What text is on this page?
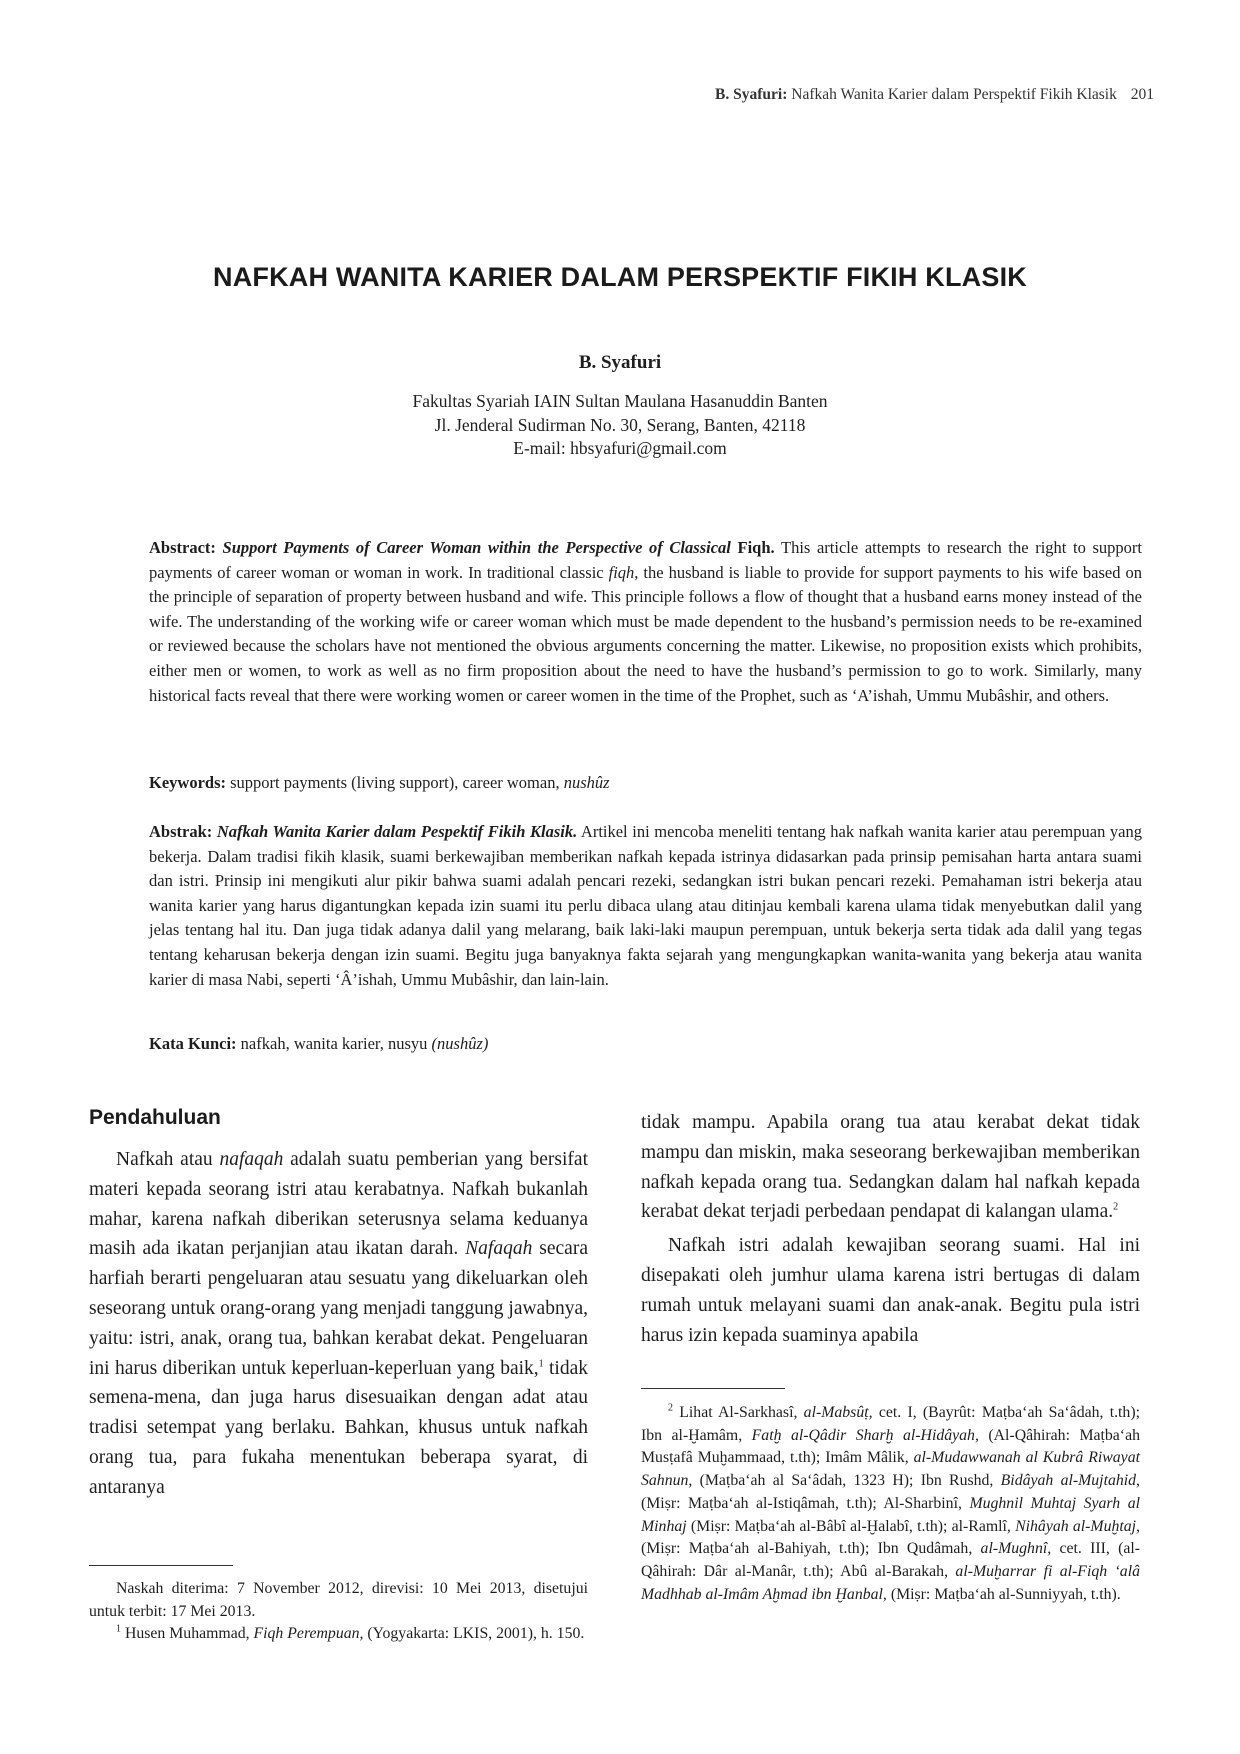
B. Syafuri: Nafkah Wanita Karier dalam Perspektif Fikih Klasik 201
NAFKAH WANITA KARIER DALAM PERSPEKTIF FIKIH KLASIK
B. Syafuri
Fakultas Syariah IAIN Sultan Maulana Hasanuddin Banten
Jl. Jenderal Sudirman No. 30, Serang, Banten, 42118
E-mail: hbsyafuri@gmail.com
Abstract: Support Payments of Career Woman within the Perspective of Classical Fiqh. This article attempts to research the right to support payments of career woman or woman in work. In traditional classic fiqh, the husband is liable to provide for support payments to his wife based on the principle of separation of property between husband and wife. This principle follows a flow of thought that a husband earns money instead of the wife. The understanding of the working wife or career woman which must be made dependent to the husband’s permission needs to be re-examined or reviewed because the scholars have not mentioned the obvious arguments concerning the matter. Likewise, no proposition exists which prohibits, either men or women, to work as well as no firm proposition about the need to have the husband’s permission to go to work. Similarly, many historical facts reveal that there were working women or career women in the time of the Prophet, such as ‘A’ishah, Ummu Mubâshir, and others.
Keywords: support payments (living support), career woman, nushûz
Abstrak: Nafkah Wanita Karier dalam Pespektif Fikih Klasik. Artikel ini mencoba meneliti tentang hak nafkah wanita karier atau perempuan yang bekerja. Dalam tradisi fikih klasik, suami berkewajiban memberikan nafkah kepada istrinya didasarkan pada prinsip pemisahan harta antara suami dan istri. Prinsip ini mengikuti alur pikir bahwa suami adalah pencari rezeki, sedangkan istri bukan pencari rezeki. Pemahaman istri bekerja atau wanita karier yang harus digantungkan kepada izin suami itu perlu dibaca ulang atau ditinjau kembali karena ulama tidak menyebutkan dalil yang jelas tentang hal itu. Dan juga tidak adanya dalil yang melarang, baik laki-laki maupun perempuan, untuk bekerja serta tidak ada dalil yang tegas tentang keharusan bekerja dengan izin suami. Begitu juga banyaknya fakta sejarah yang mengungkapkan wanita-wanita yang bekerja atau wanita karier di masa Nabi, seperti ‘Â’ishah, Ummu Mubâshir, dan lain-lain.
Kata Kunci: nafkah, wanita karier, nusyu (nushûz)
Pendahuluan

Nafkah atau nafaqah adalah suatu pemberian yang bersifat materi kepada seorang istri atau kerabatnya. Nafkah bukanlah mahar, karena nafkah diberikan seterusnya selama keduanya masih ada ikatan perjanjian atau ikatan darah. Nafaqah secara harfiah berarti pengeluaran atau sesuatu yang dikeluarkan oleh seseorang untuk orang-orang yang menjadi tanggung jawabnya, yaitu: istri, anak, orang tua, bahkan kerabat dekat. Pengeluaran ini harus diberikan untuk keperluan-keperluan yang baik,$^1$ tidak semena-mena, dan juga harus disesuaikan dengan adat atau tradisi setempat yang berlaku. Bahkan, khusus untuk nafkah orang tua, para fukaha menentukan beberapa syarat, di antaranya

tidak mampu. Apabila orang tua atau kerabat dekat tidak mampu dan miskin, maka seseorang berkewajiban memberikan nafkah kepada orang tua. Sedangkan dalam hal nafkah kepada kerabat dekat terjadi perbedaan pendapat di kalangan ulama.$^2$

Nafkah istri adalah kewajiban seorang suami. Hal ini disepakati oleh jumhur ulama karena istri bertugas di dalam rumah untuk melayani suami dan anak-anak. Begitu pula istri harus izin kepada suaminya apabila

Naskah diterima: 7 November 2012, direvisi: 10 Mei 2013, disetujui untuk terbit: 17 Mei 2013.

$^1$ Husen Muhammad, Fiqh Perempuan, (Yogyakarta: LKIS, 2001), h. 150.

$^2$ Lihat Al-Sarkhasî, al-Mabsûṭ, cet. I, (Bayrût: Maṭba‘ah Sa‘âdah, t.th); Ibn al-Ḫamâm, Fatḫ al-Qâdir Sharḫ al-Hidâyah, (Al-Qâhirah: Maṭba‘ah Musṭafâ Muḫammaad, t.th); Imâm Mâlik, al-Mudawwanah al Kubrâ Riwayat Sahnun, (Maṭba‘ah al Sa‘âdah, 1323 H); Ibn Rushd, Bidâyah al-Mujtahid, (Miṣr: Maṭba‘ah al-Istiqâmah, t.th); Al-Sharbinî, Mughnil Muhtaj Syarh al Minhaj (Miṣr: Maṭba‘ah al-Bâbî al-Ḫalabî, t.th); al-Ramlî, Nihâyah al-Muḫtaj, (Miṣr: Maṭba‘ah al-Bahiyah, t.th); Ibn Qudâmah, al-Mughnî, cet. III, (al-Qâhirah: Dâr al-Manâr, t.th); Abû al-Barakah, al-Muḫarrar fi al-Fiqh ‘alâ Madhhab al-Imâm Aḫmad ibn Ḫanbal, (Miṣr: Maṭba‘ah al-Sunniyyah, t.th).
